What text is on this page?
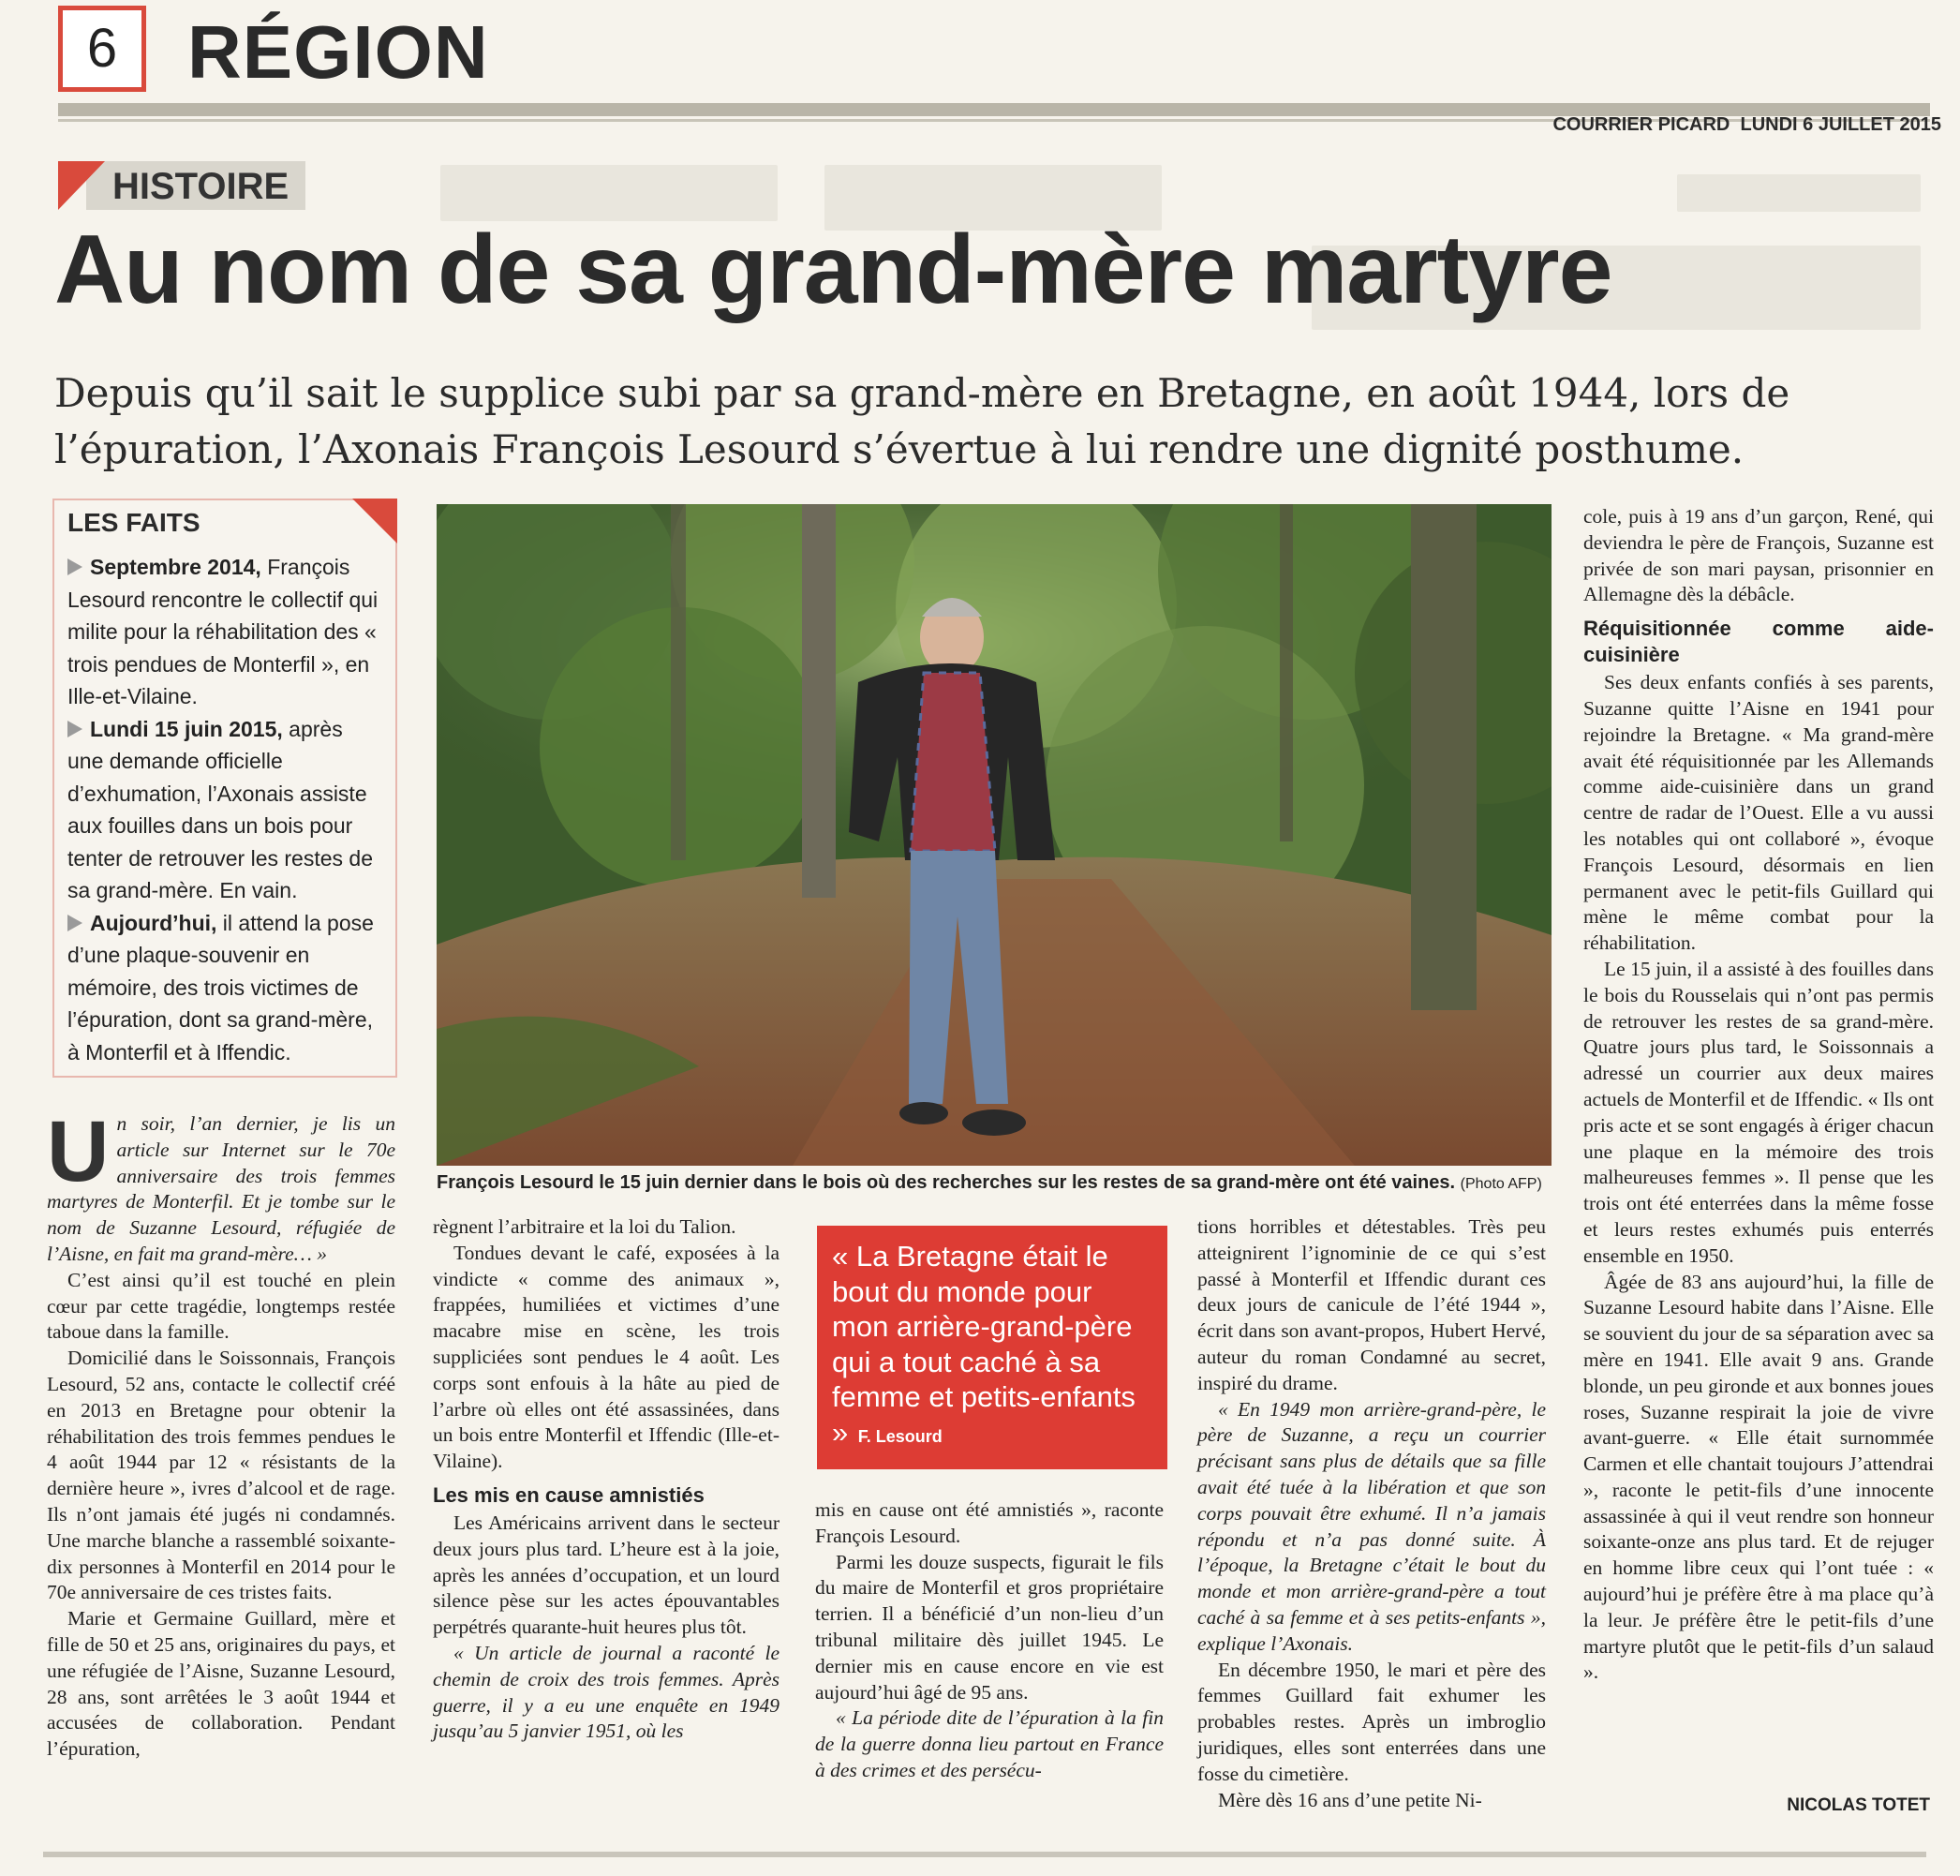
6 RÉGION
COURRIER PICARD LUNDI 6 JUILLET 2015
HISTOIRE
Au nom de sa grand-mère martyre
Depuis qu’il sait le supplice subi par sa grand-mère en Bretagne, en août 1944, lors de l’épuration, l’Axonais François Lesourd s’évertue à lui rendre une dignité posthume.
LES FAITS

Septembre 2014, François Lesourd rencontre le collectif qui milite pour la réhabilitation des « trois pendues de Monterfil », en Ille-et-Vilaine.

Lundi 15 juin 2015, après une demande officielle d’exhumation, l’Axonais assiste aux fouilles dans un bois pour tenter de retrouver les restes de sa grand-mère. En vain.

Aujourd’hui, il attend la pose d’une plaque-souvenir en mémoire, des trois victimes de l’épuration, dont sa grand-mère, à Monterfil et à Iffendic.

François Lesourd le 15 juin dernier dans le bois où des recherches sur les restes de sa grand-mère ont été vaines. (Photo AFP)
U n soir, l’an dernier, je lis un article sur Internet sur le 70e anniversaire des trois femmes martyres de Monterfil. Et je tombe sur le nom de Suzanne Lesourd, réfugiée de l’Aisne, en fait ma grand-mère… »

C’est ainsi qu’il est touché en plein cœur par cette tragédie, longtemps restée taboue dans la famille.

Domicilié dans le Soissonnais, François Lesourd, 52 ans, contacte le collectif créé en 2013 en Bretagne pour obtenir la réhabilitation des trois femmes pendues le 4 août 1944 par 12 « résistants de la dernière heure », ivres d’alcool et de rage. Ils n’ont jamais été jugés ni condamnés. Une marche blanche a rassemblé soixante-dix personnes à Monterfil en 2014 pour le 70e anniversaire de ces tristes faits.

Marie et Germaine Guillard, mère et fille de 50 et 25 ans, originaires du pays, et une réfugiée de l’Aisne, Suzanne Lesourd, 28 ans, sont arrêtées le 3 août 1944 et accusées de collaboration. Pendant l’épuration,

règnent l’arbitraire et la loi du Talion.

Tondues devant le café, exposées à la vindicte « comme des animaux », frappées, humiliées et victimes d’une macabre mise en scène, les trois suppliciées sont pendues le 4 août. Les corps sont enfouis à la hâte au pied de l’arbre où elles ont été assassinées, dans un bois entre Monterfil et Iffendic (Ille-et-Vilaine).

Les mis en cause amnistiés

Les Américains arrivent dans le secteur deux jours plus tard. L’heure est à la joie, après les années d’occupation, et un lourd silence pèse sur les actes épouvantables perpétrés quarante-huit heures plus tôt.

« Un article de journal a raconté le chemin de croix des trois femmes. Après guerre, il y a eu une enquête en 1949 jusqu’au 5 janvier 1951, où les

« La Bretagne était le bout du monde pour mon arrière-grand-père qui a tout caché à sa femme et petits-enfants » F. Lesourd

mis en cause ont été amnistiés », raconte François Lesourd.

Parmi les douze suspects, figurait le fils du maire de Monterfil et gros propriétaire terrien. Il a bénéficié d’un non-lieu d’un tribunal militaire dès juillet 1945. Le dernier mis en cause encore en vie est aujourd’hui âgé de 95 ans.

« La période dite de l’épuration à la fin de la guerre donna lieu partout en France à des crimes et des persécu-

tions horribles et détestables. Très peu atteignirent l’ignominie de ce qui s’est passé à Monterfil et Iffendic durant ces deux jours de canicule de l’été 1944 », écrit dans son avant-propos, Hubert Hervé, auteur du roman Condamné au secret, inspiré du drame.

« En 1949 mon arrière-grand-père, le père de Suzanne, a reçu un courrier précisant sans plus de détails que sa fille avait été tuée à la libération et que son corps pouvait être exhumé. Il n’a jamais répondu et n’a pas donné suite. À l’époque, la Bretagne c’était le bout du monde et mon arrière-grand-père a tout caché à sa femme et à ses petits-enfants », explique l’Axonais.

En décembre 1950, le mari et père des femmes Guillard fait exhumer les probables restes. Après un imbroglio juridiques, elles sont enterrées dans une fosse du cimetière.

Mère dès 16 ans d’une petite Ni-

cole, puis à 19 ans d’un garçon, René, qui deviendra le père de François, Suzanne est privée de son mari paysan, prisonnier en Allemagne dès la débâcle.

Réquisitionnée comme aide-cuisinière

Ses deux enfants confiés à ses parents, Suzanne quitte l’Aisne en 1941 pour rejoindre la Bretagne. « Ma grand-mère avait été réquisitionnée par les Allemands comme aide-cuisinière dans un grand centre de radar de l’Ouest. Elle a vu aussi les notables qui ont collaboré », évoque François Lesourd, désormais en lien permanent avec le petit-fils Guillard qui mène le même combat pour la réhabilitation.

Le 15 juin, il a assisté à des fouilles dans le bois du Rousselais qui n’ont pas permis de retrouver les restes de sa grand-mère. Quatre jours plus tard, le Soissonnais a adressé un courrier aux deux maires actuels de Monterfil et de Iffendic. « Ils ont pris acte et se sont engagés à ériger chacun une plaque en la mémoire des trois malheureuses femmes ». Il pense que les trois ont été enterrées dans la même fosse et leurs restes exhumés puis enterrés ensemble en 1950.

Âgée de 83 ans aujourd’hui, la fille de Suzanne Lesourd habite dans l’Aisne. Elle se souvient du jour de sa séparation avec sa mère en 1941. Elle avait 9 ans. Grande blonde, un peu gironde et aux bonnes joues roses, Suzanne respirait la joie de vivre avant-guerre. « Elle était surnommée Carmen et elle chantait toujours J’attendrai », raconte le petit-fils d’une innocente assassinée à qui il veut rendre son honneur soixante-onze ans plus tard. Et de rejuger en homme libre ceux qui l’ont tuée : « aujourd’hui je préfère être à ma place qu’à la leur. Je préfère être le petit-fils d’une martyre plutôt que le petit-fils d’un salaud ».

NICOLAS TOTET
